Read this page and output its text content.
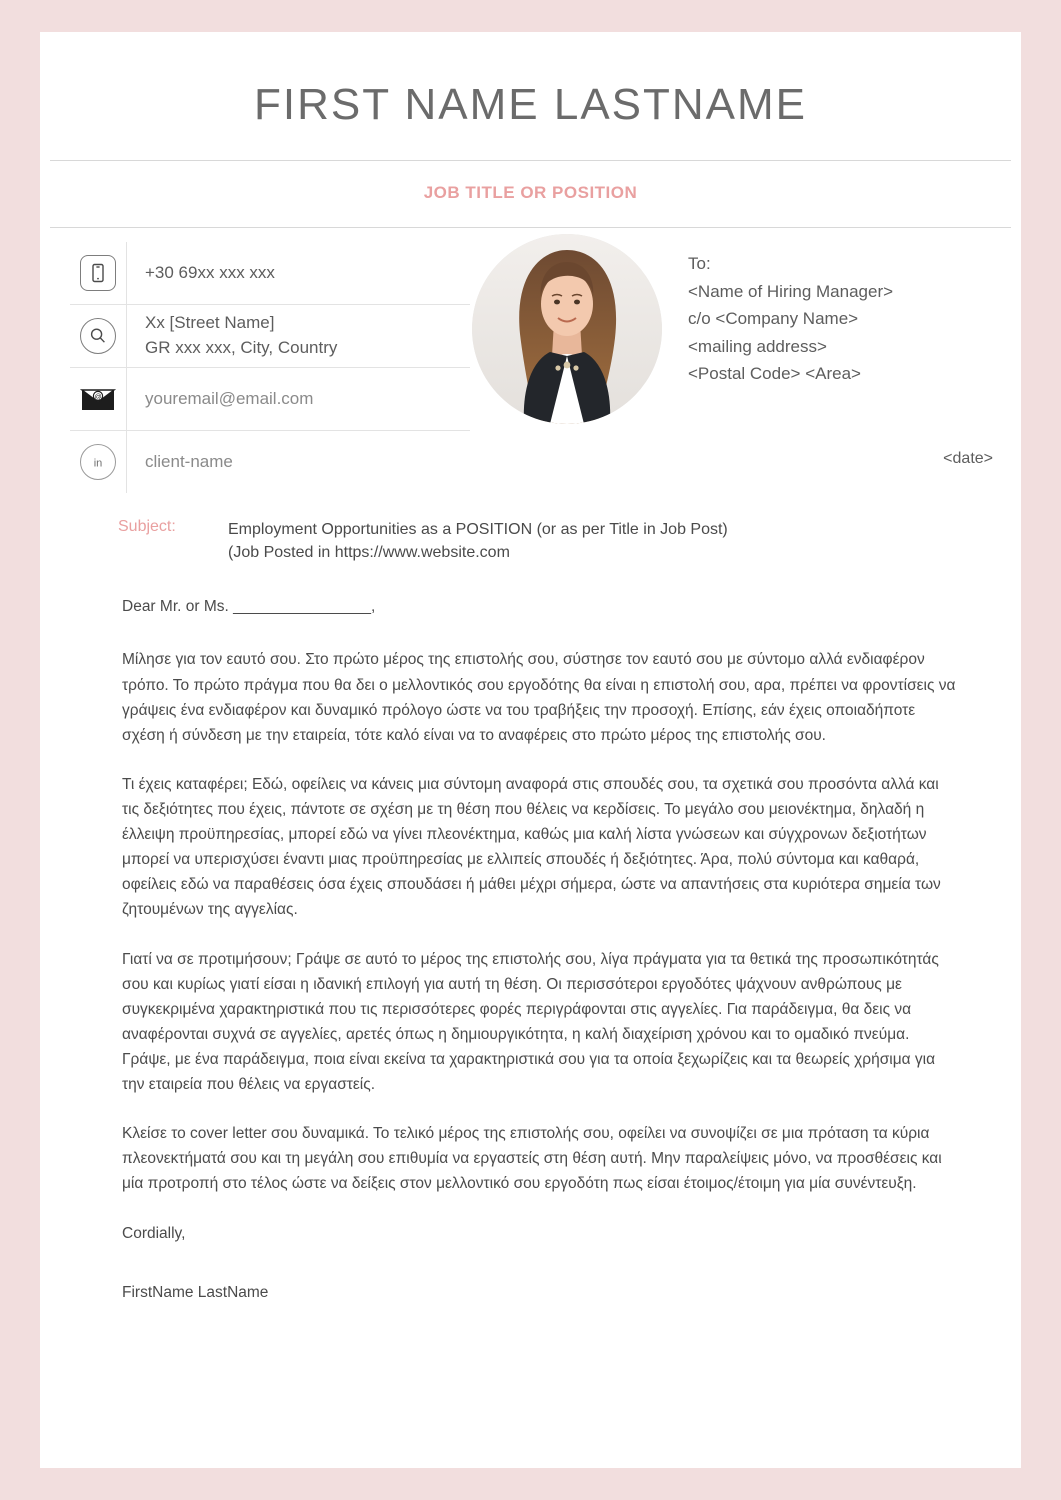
FIRST NAME LASTNAME
JOB TITLE OR POSITION
+30 69xx xxx xxx
Xx [Street Name]
GR xxx xxx, City, Country
@	youremail@email.com
in	client-name
To:
<Name of Hiring Manager>
c/o <Company Name>
<mailing address>
<Postal Code> <Area>
<date>
Subject:	Employment Opportunities as a POSITION (or as per Title in Job Post)
(Job Posted in https://www.website.com

Dear Mr. or Ms. ________________,

Μίλησε για τον εαυτό σου. Στο πρώτο μέρος της επιστολής σου, σύστησε τον εαυτό σου με σύντομο αλλά ενδιαφέρον τρόπο. Το πρώτο πράγμα που θα δει ο μελλοντικός σου εργοδότης θα είναι η επιστολή σου, αρα, πρέπει να φροντίσεις να γράψεις ένα ενδιαφέρον και δυναμικό πρόλογο ώστε να του τραβήξεις την προσοχή. Επίσης, εάν έχεις οποιαδήποτε σχέση ή σύνδεση με την εταιρεία, τότε καλό είναι να το αναφέρεις στο πρώτο μέρος της επιστολής σου.

Τι έχεις καταφέρει; Εδώ, οφείλεις να κάνεις μια σύντομη αναφορά στις σπουδές σου, τα σχετικά σου προσόντα αλλά και τις δεξιότητες που έχεις, πάντοτε σε σχέση με τη θέση που θέλεις να κερδίσεις. Το μεγάλο σου μειονέκτημα, δηλαδή η έλλειψη προϋπηρεσίας, μπορεί εδώ να γίνει πλεονέκτημα, καθώς μια καλή λίστα γνώσεων και σύγχρονων δεξιοτήτων μπορεί να υπερισχύσει έναντι μιας προϋπηρεσίας με ελλιπείς σπουδές ή δεξιότητες. Άρα, πολύ σύντομα και καθαρά, οφείλεις εδώ να παραθέσεις όσα έχεις σπουδάσει ή μάθει μέχρι σήμερα, ώστε να απαντήσεις στα κυριότερα σημεία των ζητουμένων της αγγελίας.

Γιατί να σε προτιμήσουν; Γράψε σε αυτό το μέρος της επιστολής σου, λίγα πράγματα για τα θετικά της προσωπικότητάς σου και κυρίως γιατί είσαι η ιδανική επιλογή για αυτή τη θέση. Οι περισσότεροι εργοδότες ψάχνουν ανθρώπους με συγκεκριμένα χαρακτηριστικά που τις περισσότερες φορές περιγράφονται στις αγγελίες. Για παράδειγμα, θα δεις να αναφέρονται συχνά σε αγγελίες, αρετές όπως η δημιουργικότητα, η καλή διαχείριση χρόνου και το ομαδικό πνεύμα. Γράψε, με ένα παράδειγμα, ποια είναι εκείνα τα χαρακτηριστικά σου για τα οποία ξεχωρίζεις και τα θεωρείς χρήσιμα για την εταιρεία που θέλεις να εργαστείς.

Κλείσε το cover letter σου δυναμικά. Το τελικό μέρος της επιστολής σου, οφείλει να συνοψίζει σε μια πρόταση τα κύρια πλεονεκτήματά σου και τη μεγάλη σου επιθυμία να εργαστείς στη θέση αυτή. Μην παραλείψεις μόνο, να προσθέσεις και μία προτροπή στο τέλος ώστε να δείξεις στον μελλοντικό σου εργοδότη πως είσαι έτοιμος/έτοιμη για μία συνέντευξη.

Cordially,

FirstName LastName
